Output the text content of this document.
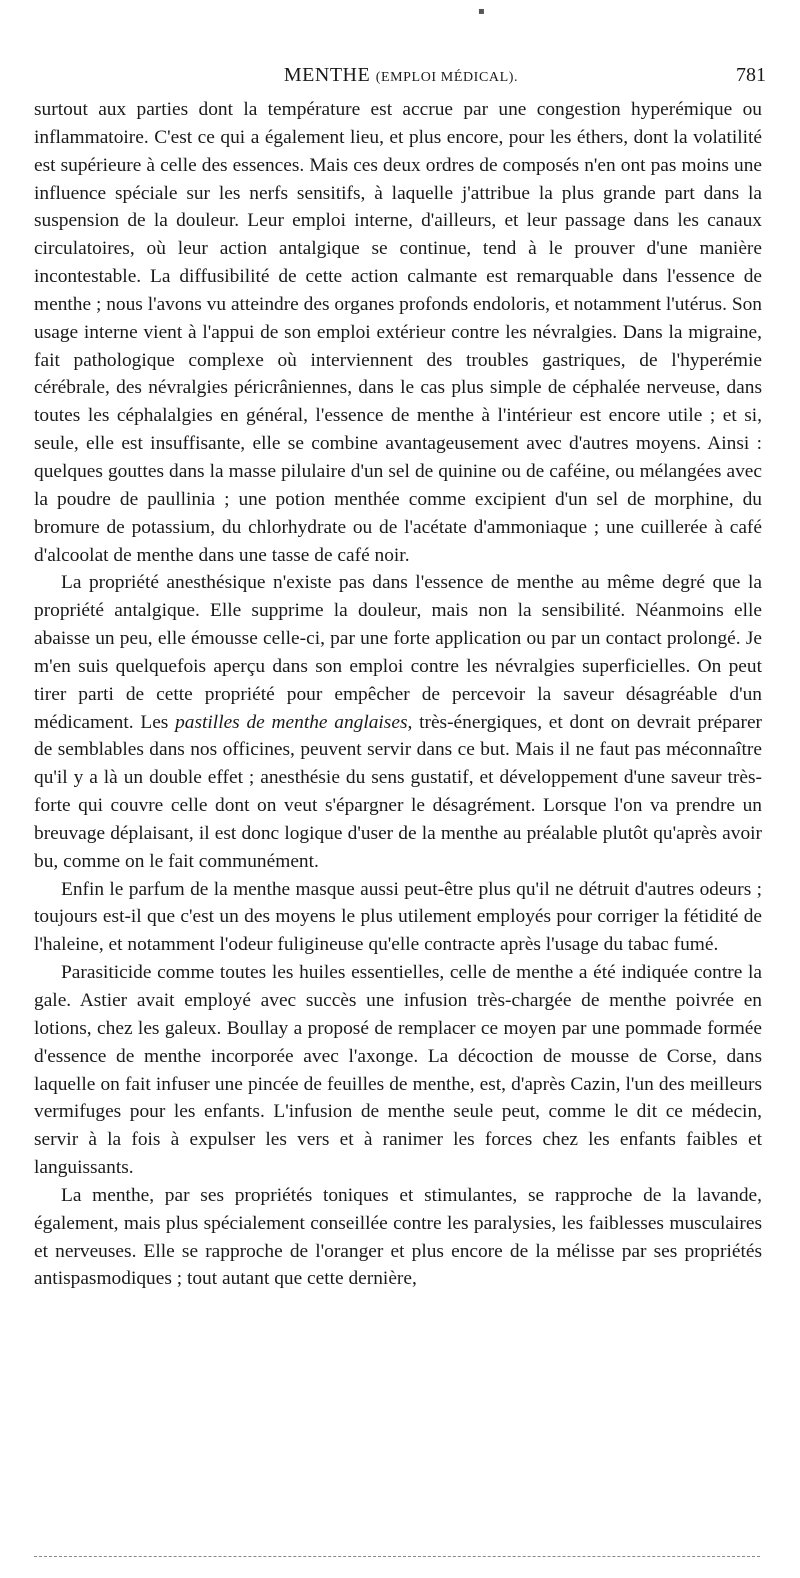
▪
MENTHE (EMPLOI MÉDICAL).	781

surtout aux parties dont la température est accrue par une congestion hyperémique ou inflammatoire. C'est ce qui a également lieu, et plus encore, pour les éthers, dont la volatilité est supérieure à celle des essences. Mais ces deux ordres de composés n'en ont pas moins une influence spéciale sur les nerfs sensitifs, à laquelle j'attribue la plus grande part dans la suspension de la douleur. Leur emploi interne, d'ailleurs, et leur passage dans les canaux circulatoires, où leur action antalgique se continue, tend à le prouver d'une manière incontestable. La diffusibilité de cette action calmante est remarquable dans l'essence de menthe ; nous l'avons vu atteindre des organes profonds endoloris, et notamment l'utérus. Son usage interne vient à l'appui de son emploi extérieur contre les névralgies. Dans la migraine, fait pathologique complexe où interviennent des troubles gastriques, de l'hyperémie cérébrale, des névralgies péricrâniennes, dans le cas plus simple de céphalée nerveuse, dans toutes les céphalalgies en général, l'essence de menthe à l'intérieur est encore utile ; et si, seule, elle est insuffisante, elle se combine avantageusement avec d'autres moyens. Ainsi : quelques gouttes dans la masse pilulaire d'un sel de quinine ou de caféine, ou mélangées avec la poudre de paullinia ; une potion menthée comme excipient d'un sel de morphine, du bromure de potassium, du chlorhydrate ou de l'acétate d'ammoniaque ; une cuillerée à café d'alcoolat de menthe dans une tasse de café noir.

La propriété anesthésique n'existe pas dans l'essence de menthe au même degré que la propriété antalgique. Elle supprime la douleur, mais non la sensibilité. Néanmoins elle abaisse un peu, elle émousse celle-ci, par une forte application ou par un contact prolongé. Je m'en suis quelquefois aperçu dans son emploi contre les névralgies superficielles. On peut tirer parti de cette propriété pour empêcher de percevoir la saveur désagréable d'un médicament. Les pastilles de menthe anglaises, très-énergiques, et dont on devrait préparer de semblables dans nos officines, peuvent servir dans ce but. Mais il ne faut pas méconnaître qu'il y a là un double effet ; anesthésie du sens gustatif, et développement d'une saveur très-forte qui couvre celle dont on veut s'épargner le désagrément. Lorsque l'on va prendre un breuvage déplaisant, il est donc logique d'user de la menthe au préalable plutôt qu'après avoir bu, comme on le fait communément.

Enfin le parfum de la menthe masque aussi peut-être plus qu'il ne détruit d'autres odeurs ; toujours est-il que c'est un des moyens le plus utilement employés pour corriger la fétidité de l'haleine, et notamment l'odeur fuligineuse qu'elle contracte après l'usage du tabac fumé.

Parasiticide comme toutes les huiles essentielles, celle de menthe a été indiquée contre la gale. Astier avait employé avec succès une infusion très-chargée de menthe poivrée en lotions, chez les galeux. Boullay a proposé de remplacer ce moyen par une pommade formée d'essence de menthe incorporée avec l'axonge. La décoction de mousse de Corse, dans laquelle on fait infuser une pincée de feuilles de menthe, est, d'après Cazin, l'un des meilleurs vermifuges pour les enfants. L'infusion de menthe seule peut, comme le dit ce médecin, servir à la fois à expulser les vers et à ranimer les forces chez les enfants faibles et languissants.

La menthe, par ses propriétés toniques et stimulantes, se rapproche de la lavande, également, mais plus spécialement conseillée contre les paralysies, les faiblesses musculaires et nerveuses. Elle se rapproche de l'oranger et plus encore de la mélisse par ses propriétés antispasmodiques ; tout autant que cette dernière,
